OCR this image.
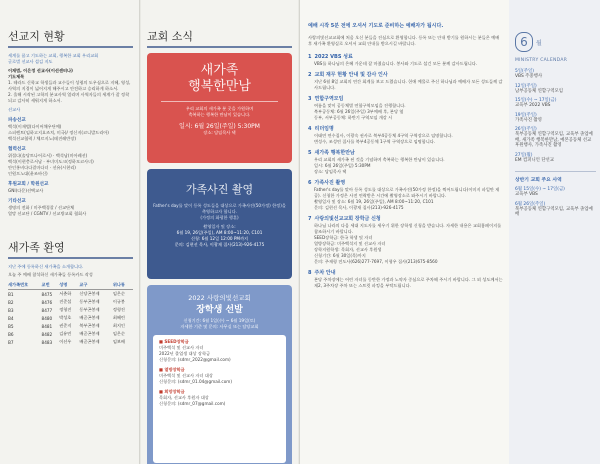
선교지 현황

세계를 품고 기도하는 교회, 행복한 교회 우리교회

글로벌 선교사 섬김 지도

이재범, 이은정 선교사(이선센터나)

기도제목

1. 테라드 신학교 학생들과 교수들이 성령의 도우심으로 지혜, 영성, 사역의 지경이 넓어지게 해주시고 안전하고 승리하게 하소서.

2. 올해 시작된 고학의 분교사역 열리며 사역자들의 세계가 잘 정착되고 감사히 세워지게 하소서.

선교사

파송선교

백석(이재범(다이어채우단예)

스피렌트(임하고지요즈치, 미국)/ 정신지(코니발드리아)

백석선교협력 / 체르지노(테진레반장)

협력선교

위절다(솔당트나어로서) · 백석남(미아레선)

백석(이현충로서남 · 부녀미도크(정하모코사녀)

안인홍비다다결마다녀 · 선유(시현리)

인원프노대(윤조바신)

후원교회 / 학원선교

GNI(다문)선택교사

기타선교

생명의 전화 / 미주백경찰 / 선교단체

열망 선교단 / CGNTV / 선교방교회 협회사

새가족 환영

지난 주에 등록하신 새가족을 소개합니다.

오늘 주 예배 참석하신 새가족들 등록카드 작성

새가족번호	교번	성명	교구	위나튜
B1	8475	서춘하	신당곤봉제	임은순
B2	8476	진준섭	동부곤봉제	이규봉
B3	8477	정형진	동부곤봉제	정형진
B4	8480	박성호	배곧곤봉제	최혜린
B5	8481	권준지	북부곤봉제	최지인
B6	8482	김유민	배곧곤봉제	임은순
B7	8483	이선우	배곧곤봉제	임보배
교회 소식
새가족
행복한만남

우리 교회의 새가족 분 곳을 가원하며

축복하는 행복한 만남이 있습니다.

일시: 6월 26일(주일) 5:30PM

장소: 담임목사 댁

가족사진 촬영

Father's day를 맞이 등록 성도들을 대상으로 가족사진(50가정) 한정)을 촉영하고자 합니다.

(가정의 화평한 행훈)

촬영일자 및 장소:

6월 19, 26일(주일), AM 8:00~11:20, C101

신청: 6월 12일 12:00 PM까지

문의: 김현선 목사, 이광재 집사(213)-926-4175

2022 사랑의빛선교회
장학생 선발

신청기간: 6월 1일(수) ~ 6월 19일(토)

자세한 기준 및 문의: 사무실 또는 담당교회

■ SEED장학금

미주백석 및 선교사 자녀

2022년 졸업생 대상 장학금

신청문의: (sdmr_2022@gmail.com)

■ 열방장학금

미주백석 및 선교사 자녀 대상

신청문의: (sdmr_01.04@gmail.com)

■ 희망장학금

목회자, 선교사 후원자 대상

신청문의: (sdmr_07@gmail.com)

예배 시작 5분 전에 오셔서 기도로 준비하는 예배자가 됩시다.

사랑의빛선교교회에 처음 오신 분들을 진심으로 환영합니다. 등록 또는 안내 받기를 원하시는 분들은 예배 후 새가족 환영실로 오셔서 교회 안내를 받으시길 바랍니다.

1 2022 VBS 성료

VBS를 하나님의 은혜 가운데 잘 마쳤습니다. 봉사와 기도로 섬긴 모든 분께 감사드립니다.

2 교회 재무 현황 안내 및 감사 인사

지난 6월 8일 교회의 연간 회계를 보고 드렸습니다. 헌애 예물로 주신 하나님과 예배자 모든 성도들께 감사드립니다.

3 연합구역모임

여름을 맞이 공동체별 연합구역모임을 진행합니다.
북부공동체: 6월 26일(주일) 3부예배 후, 본당 옆
동부, 서부공동체: 하반기 구역모임 개강 시

4 리더임명

이태연 연수집사, 이광숙 권사로 북부4공동체 4구역 구역장으로 임명합니다.
변성수, 조성연 집사를 북부4공동체 1구역 구역장으로 임명합니다.

5 새가족 행복한만남

우리 교회의 새가족 된 것을 기념하며 축복하는 행복한 만남이 있습니다.
일시: 6월 26일(주일) 5:30PM
장소: 담임목사 댁

6 가족사진 촬영

Father's day를 맞아 등록 성도를 대상으로 가족사진(50가정 한정)을 찍어드립니다(이미지 파일만 제공). 신청한 가정은 사전 연락받은 시간에 촬영장소로 와주시기 바랍니다.
촬영일자 및 장소: 6월 19, 26일(주일), AM 8:00~11:20, C101
문의: 김현선 목사, 이광재 집사(213)-926-4175

7 사랑의빛선교교회 장학금 신청

하나님 나라의 다음 세대 지도자를 세우기 위한 장학생 신청을 받습니다. 자세한 내용은 교회홈페이지를 참조하시기 바랍니다.
SEED장학금: 한국 학생 및 자녀
열방장학금: 미주백석지 및 선교사 자녀
장학지원학생: 목회자, 선교사 후원생
신청기간: 6월 30일(목)까지
문의: 주재형 전도사(626)277-7697, 이형우 집사(213)675-8560

8 주차 안내

본당 주차장에는 어린 자녀를 동반한 가정과 노약자 중심으로 주차해 주시기 바랍니다. 그 외 성도께서는 제2, 3주차장 주차 또는 스트릿 파킹을 부탁드립니다.

6	월
MINISTRY CALENDAR
5일(주일)
VBS 주중행사
12일(주일)
남부공동체 연합구역모임
15일(수) ~ 17일(금)
교육부 2022 VBS
19일(주일)
가족사진 촬영
26일(주일)
북부공동체 연합구역모임, 교육부 졸업예배, 새가족 행복한만남, 예본공동체 선교 후원행사, 가족사진 촬영
27일(월)
EM 컴퍼니언 단선교
상반기 교회 주요 사역
6월 15일(수) ~ 17일(금)
교육부 VBS
6월 26일(주일)
북부공동체 연합구역모임, 교육부 졸업예배
